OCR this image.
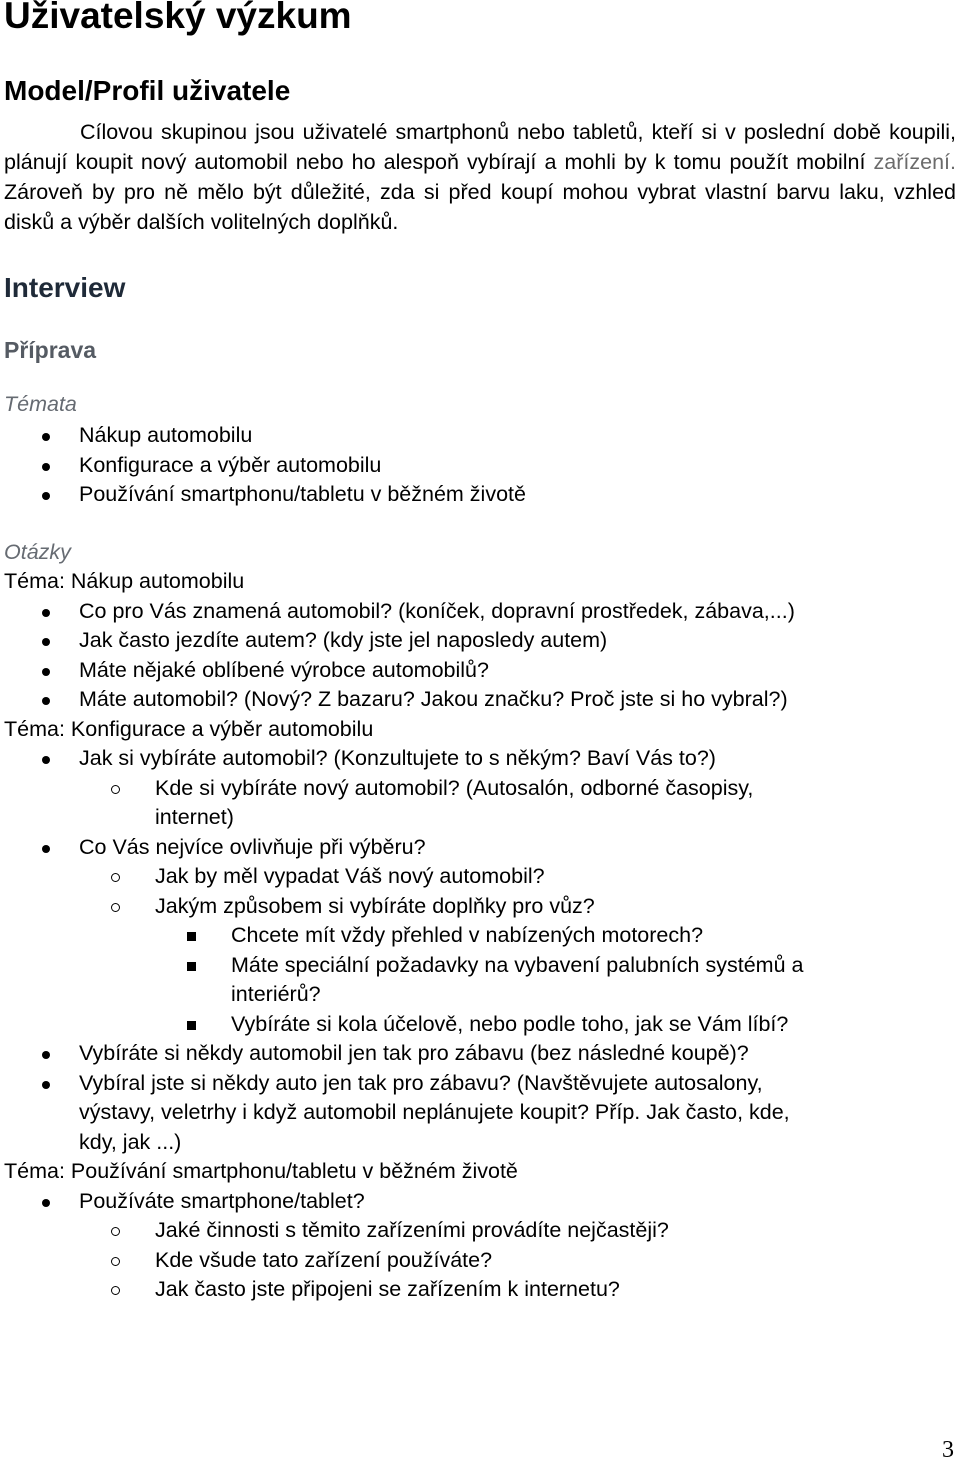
Uživatelský výzkum
Model/Profil uživatele

Cílovou skupinou jsou uživatelé smartphonů nebo tabletů, kteří si v poslední době koupili, plánují koupit nový automobil nebo ho alespoň vybírají a mohli by k tomu použít mobilní zařízení. Zároveň by pro ně mělo být důležité, zda si před koupí mohou vybrat vlastní barvu laku, vzhled disků a výběr dalších volitelných doplňků.

Interview
Příprava
Témata
Nákup automobilu
Konfigurace a výběr automobilu
Používání smartphonu/tabletu v běžném životě
Otázky
Téma: Nákup automobilu
Co pro Vás znamená automobil? (koníček, dopravní prostředek, zábava,...)
Jak často jezdíte autem? (kdy jste jel naposledy autem)
Máte nějaké oblíbené výrobce automobilů?
Máte automobil? (Nový? Z bazaru? Jakou značku? Proč jste si ho vybral?)
Téma: Konfigurace a výběr automobilu
Jak si vybíráte automobil? (Konzultujete to s někým? Baví Vás to?)
Kde si vybíráte nový automobil? (Autosalón, odborné časopisy,
internet)
Co Vás nejvíce ovlivňuje při výběru?
Jak by měl vypadat Váš nový automobil?
Jakým způsobem si vybíráte doplňky pro vůz?
Chcete mít vždy přehled v nabízených motorech?
Máte speciální požadavky na vybavení palubních systémů a
interiérů?
Vybíráte si kola účelově, nebo podle toho, jak se Vám líbí?
Vybíráte si někdy automobil jen tak pro zábavu (bez následné koupě)?
Vybíral jste si někdy auto jen tak pro zábavu? (Navštěvujete autosalony,
výstavy, veletrhy i když automobil neplánujete koupit? Příp. Jak často, kde,
kdy, jak ...)
Téma: Používání smartphonu/tabletu v běžném životě
Používáte smartphone/tablet?
Jaké činnosti s těmito zařízeními provádíte nejčastěji?
Kde všude tato zařízení používáte?
Jak často jste připojeni se zařízením k internetu?
3
